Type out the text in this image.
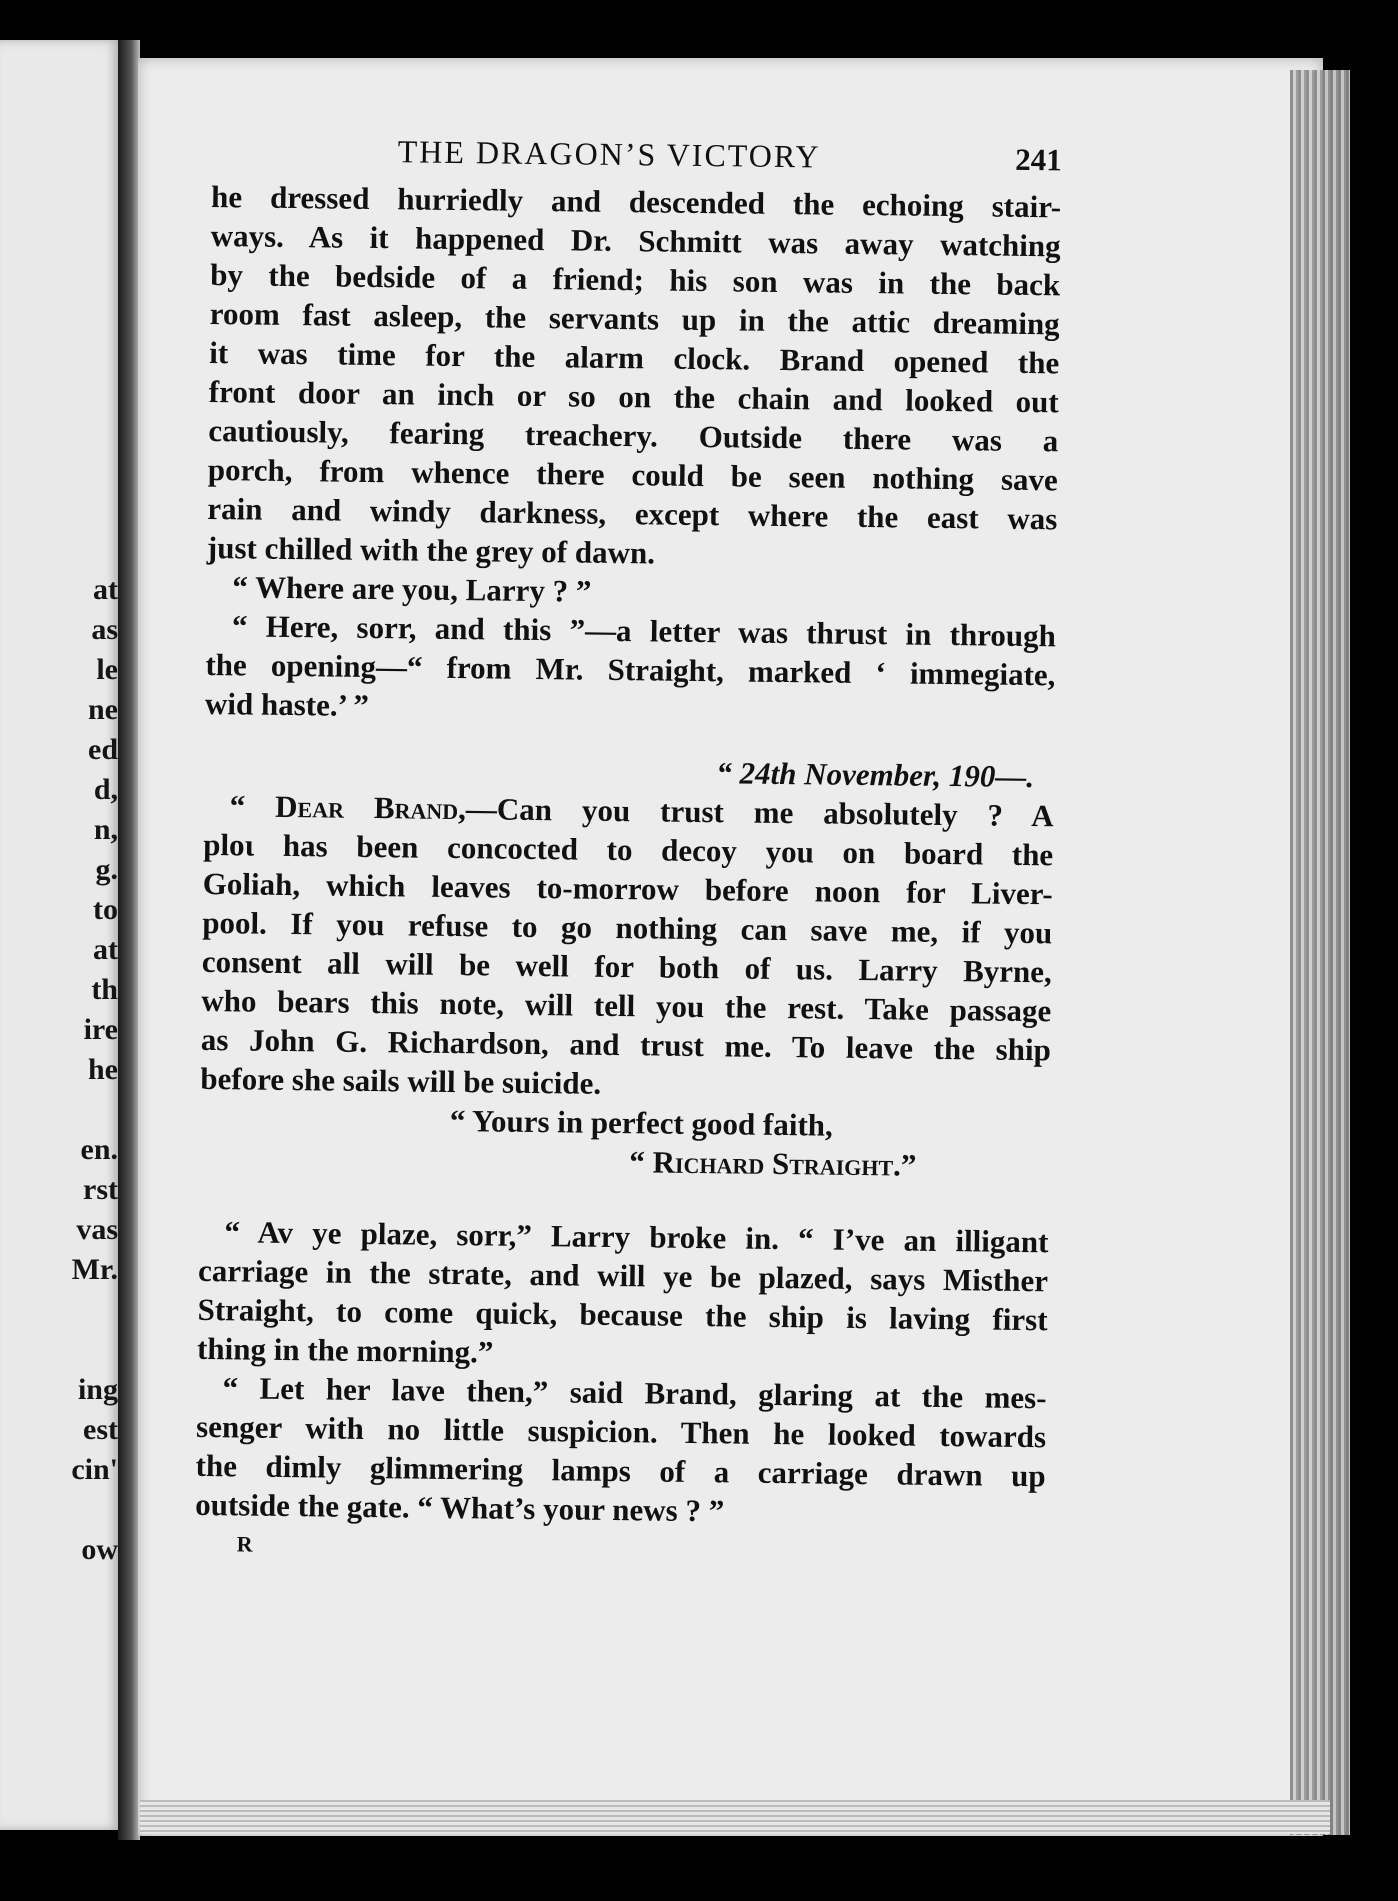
at
as
le
ne
ed
d,
n,
g.
to
at
th
ire
he
en.
rst
vas
Mr.
ing
est
cin'
ow
THE DRAGON’S VICTORY	241
he dressed hurriedly and descended the echoing stair-
ways. As it happened Dr. Schmitt was away watching
by the bedside of a friend; his son was in the back
room fast asleep, the servants up in the attic dreaming
it was time for the alarm clock. Brand opened the
front door an inch or so on the chain and looked out
cautiously, fearing treachery. Outside there was a
porch, from whence there could be seen nothing save
rain and windy darkness, except where the east was
just chilled with the grey of dawn.
“ Where are you, Larry ? ”
“ Here, sorr, and this ”—a letter was thrust in through
the opening—“ from Mr. Straight, marked ‘ immegiate,
wid haste.’ ”
“ 24th November, 190—.
“ Dear Brand,—Can you trust me absolutely ? A
ploι has been concocted to decoy you on board the
Goliah, which leaves to-morrow before noon for Liver-
pool. If you refuse to go nothing can save me, if you
consent all will be well for both of us. Larry Byrne,
who bears this note, will tell you the rest. Take passage
as John G. Richardson, and trust me. To leave the ship
before she sails will be suicide.
“ Yours in perfect good faith,
“ Richard Straight.”
“ Av ye plaze, sorr,” Larry broke in. “ I’ve an illigant
carriage in the strate, and will ye be plazed, says Misther
Straight, to come quick, because the ship is laving first
thing in the morning.”
“ Let her lave then,” said Brand, glaring at the mes-
senger with no little suspicion. Then he looked towards
the dimly glimmering lamps of a carriage drawn up
outside the gate. “ What’s your news ? ”
R
